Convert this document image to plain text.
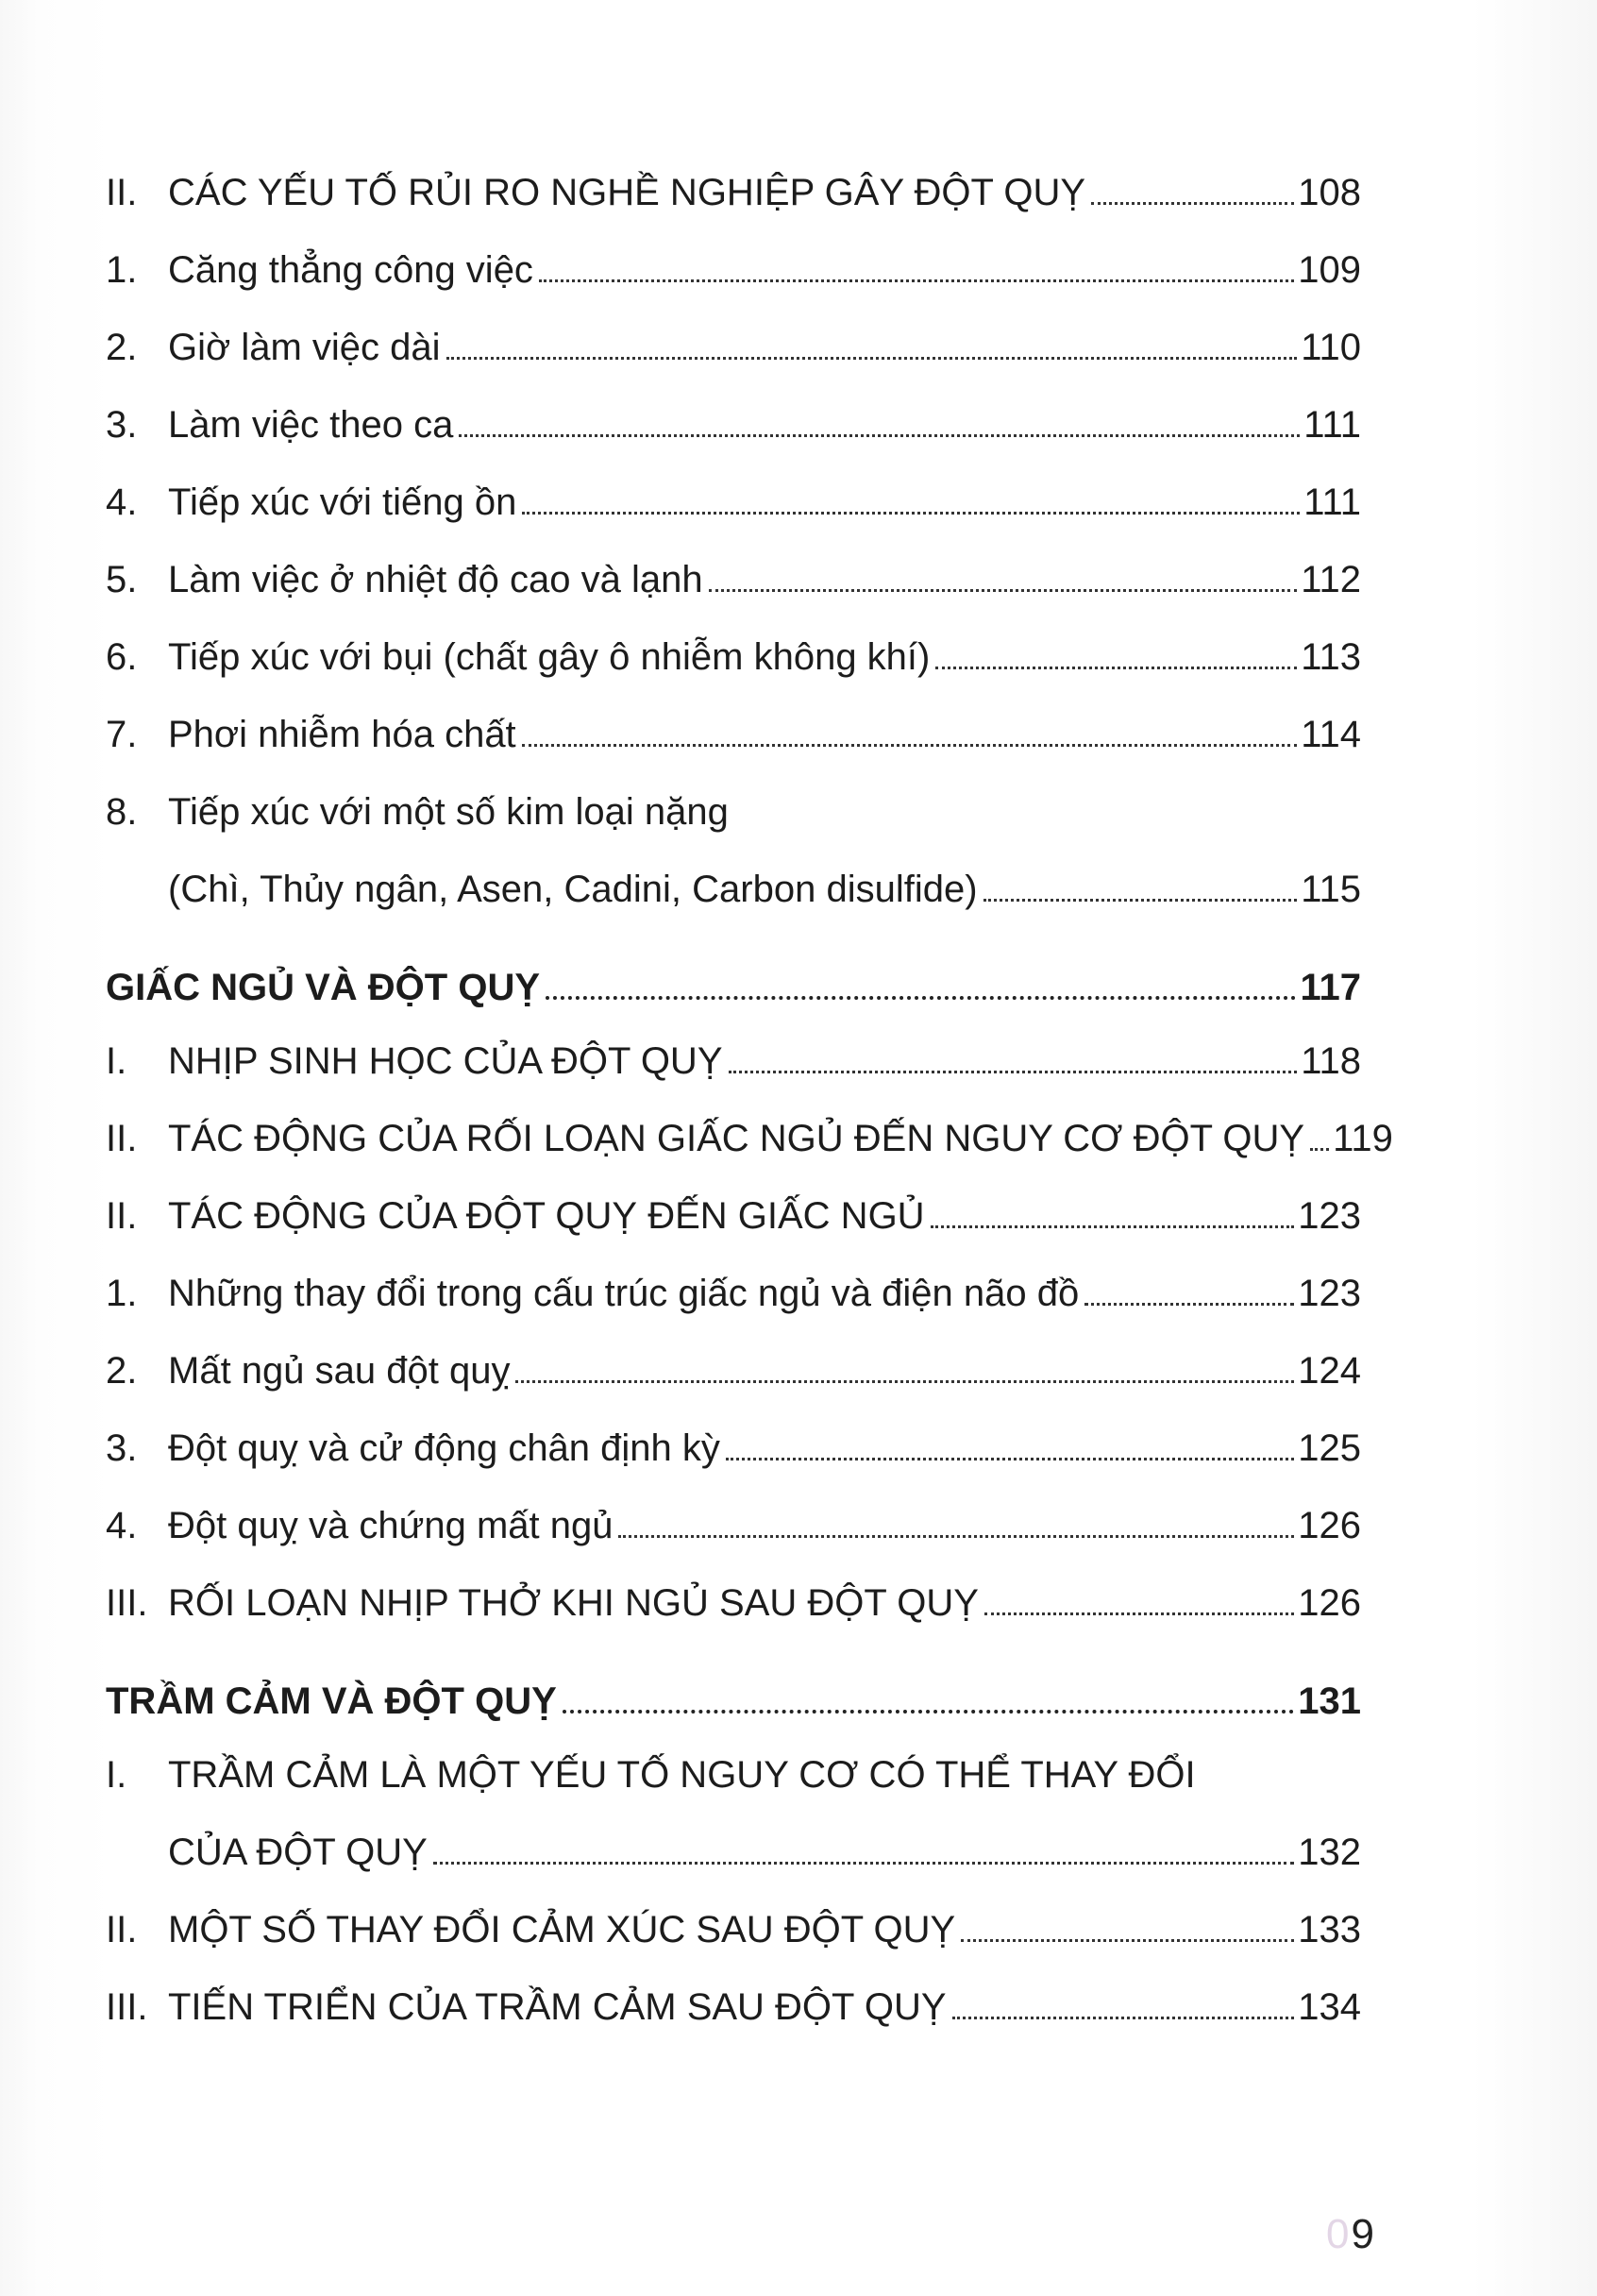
II. CÁC YẾU TỐ RỦI RO NGHỀ NGHIỆP GÂY ĐỘT QUỴ	108
1. Căng thẳng công việc	109
2. Giờ làm việc dài	110
3. Làm việc theo ca	111
4. Tiếp xúc với tiếng ồn	111
5. Làm việc ở nhiệt độ cao và lạnh	112
6. Tiếp xúc với bụi (chất gây ô nhiễm không khí)	113
7. Phơi nhiễm hóa chất	114
8. Tiếp xúc với một số kim loại nặng
(Chì, Thủy ngân, Asen, Cadini, Carbon disulfide)	115
GIẤC NGỦ VÀ ĐỘT QUỴ	117
I.	NHỊP SINH HỌC CỦA ĐỘT QUỴ	118
II. TÁC ĐỘNG CỦA RỐI LOẠN GIẤC NGỦ ĐẾN NGUY CƠ ĐỘT QUỴ 119
II. TÁC ĐỘNG CỦA ĐỘT QUỴ ĐẾN GIẤC NGỦ	123
1. Những thay đổi trong cấu trúc giấc ngủ và điện não đồ	123
2. Mất ngủ sau đột quỵ	124
3. Đột quỵ và cử động chân định kỳ	125
4. Đột quỵ và chứng mất ngủ	126
III. RỐI LOẠN NHỊP THỞ KHI NGỦ SAU ĐỘT QUỴ	126
TRẦM CẢM VÀ ĐỘT QUỴ	131
I.	TRẦM CẢM LÀ MỘT YẾU TỐ NGUY CƠ CÓ THỂ THAY ĐỔI
CỦA ĐỘT QUỴ	132
II. MỘT SỐ THAY ĐỔI CẢM XÚC SAU ĐỘT QUỴ	133
III. TIẾN TRIỂN CỦA TRẦM CẢM SAU ĐỘT QUỴ	134
09
